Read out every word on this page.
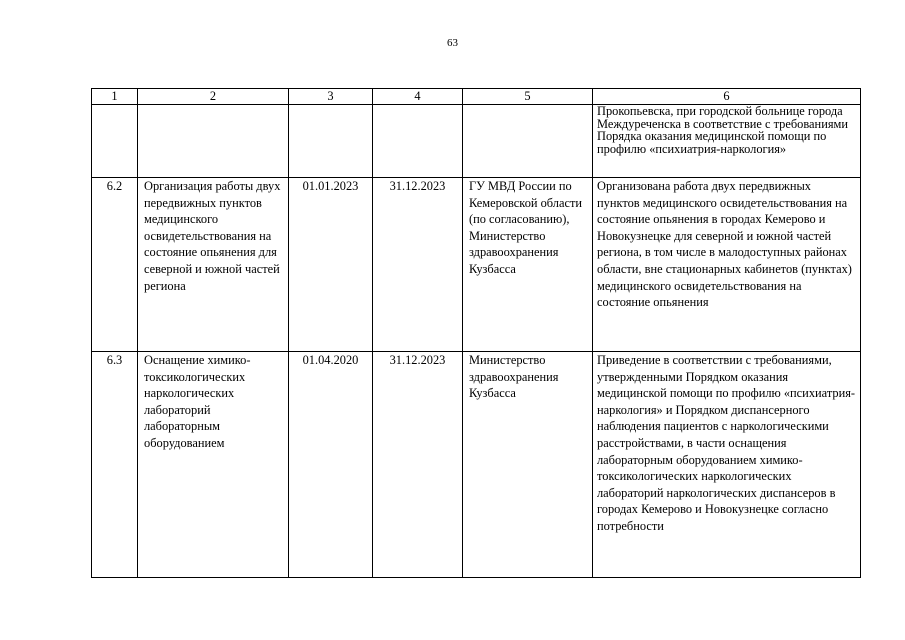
63
1	2	3	4	5	6
					Прокопьевска, при городской больнице города Междуреченска в соответствие с требованиями Порядка оказания медицинской помощи по профилю «психиатрия-наркология»
6.2	Организация работы двух передвижных пунктов медицинского освидетельствования на состояние опьянения для северной и южной частей региона	01.01.2023	31.12.2023	ГУ МВД России по Кемеровской области (по согласованию), Министерство здравоохранения Кузбасса	Организована работа двух передвижных пунктов медицинского освидетельствования на состояние опьянения в городах Кемерово и Новокузнецке для северной и южной частей региона, в том числе в малодоступных районах области, вне стационарных кабинетов (пунктах) медицинского освидетельствования на состояние опьянения
6.3	Оснащение химико-токсикологических наркологических лабораторий лабораторным оборудованием	01.04.2020	31.12.2023	Министерство здравоохранения Кузбасса	Приведение в соответствии с требованиями, утвержденными Порядком оказания медицинской помощи по профилю «психиатрия-наркология» и Порядком диспансерного наблюдения пациентов с наркологическими расстройствами, в части оснащения лабораторным оборудованием химико-токсикологических наркологических лабораторий наркологических диспансеров в городах Кемерово и Новокузнецке согласно потребности
